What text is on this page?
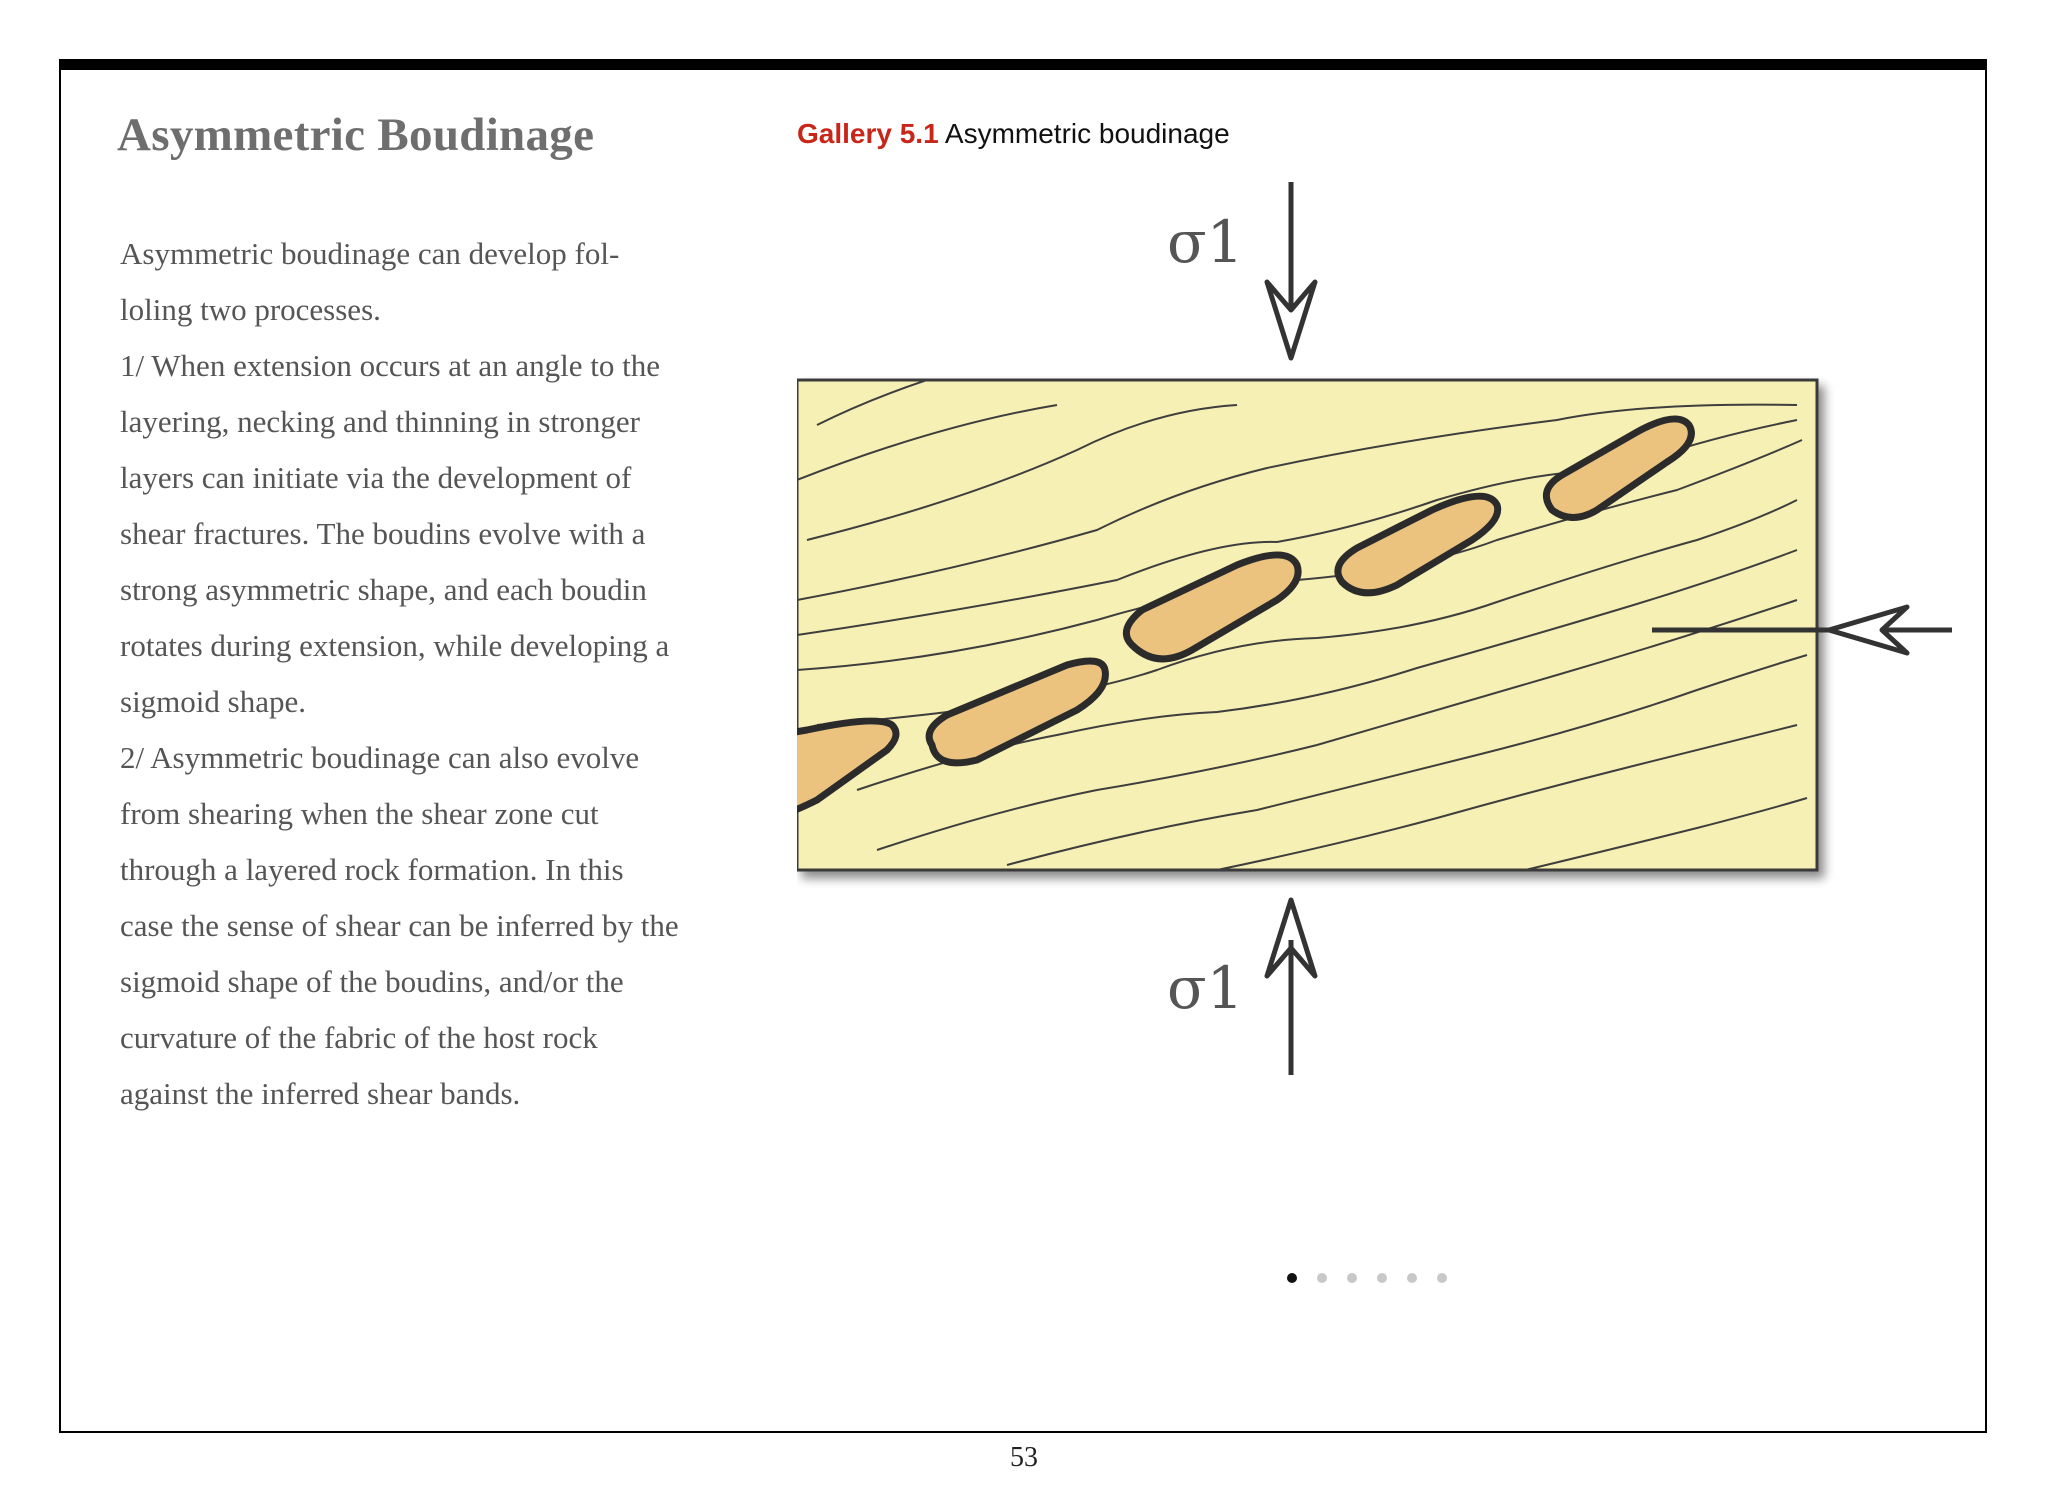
Asymmetric Boudinage

Asymmetric boudinage can develop fol-

loling two processes.

1/ When extension occurs at an angle to the

layering, necking and thinning in stronger

layers can initiate via the development of

shear fractures. The boudins evolve with a

strong asymmetric shape, and each boudin

rotates during extension, while developing a

sigmoid shape.

2/ Asymmetric boudinage can also evolve

from shearing when the shear zone cut

through a layered rock formation. In this

case the sense of shear can be inferred by the

sigmoid shape of the boudins, and/or the

curvature of the fabric of the host rock

against the inferred shear bands.

Gallery 5.1 Asymmetric boudinage
σ1
σ1
53
